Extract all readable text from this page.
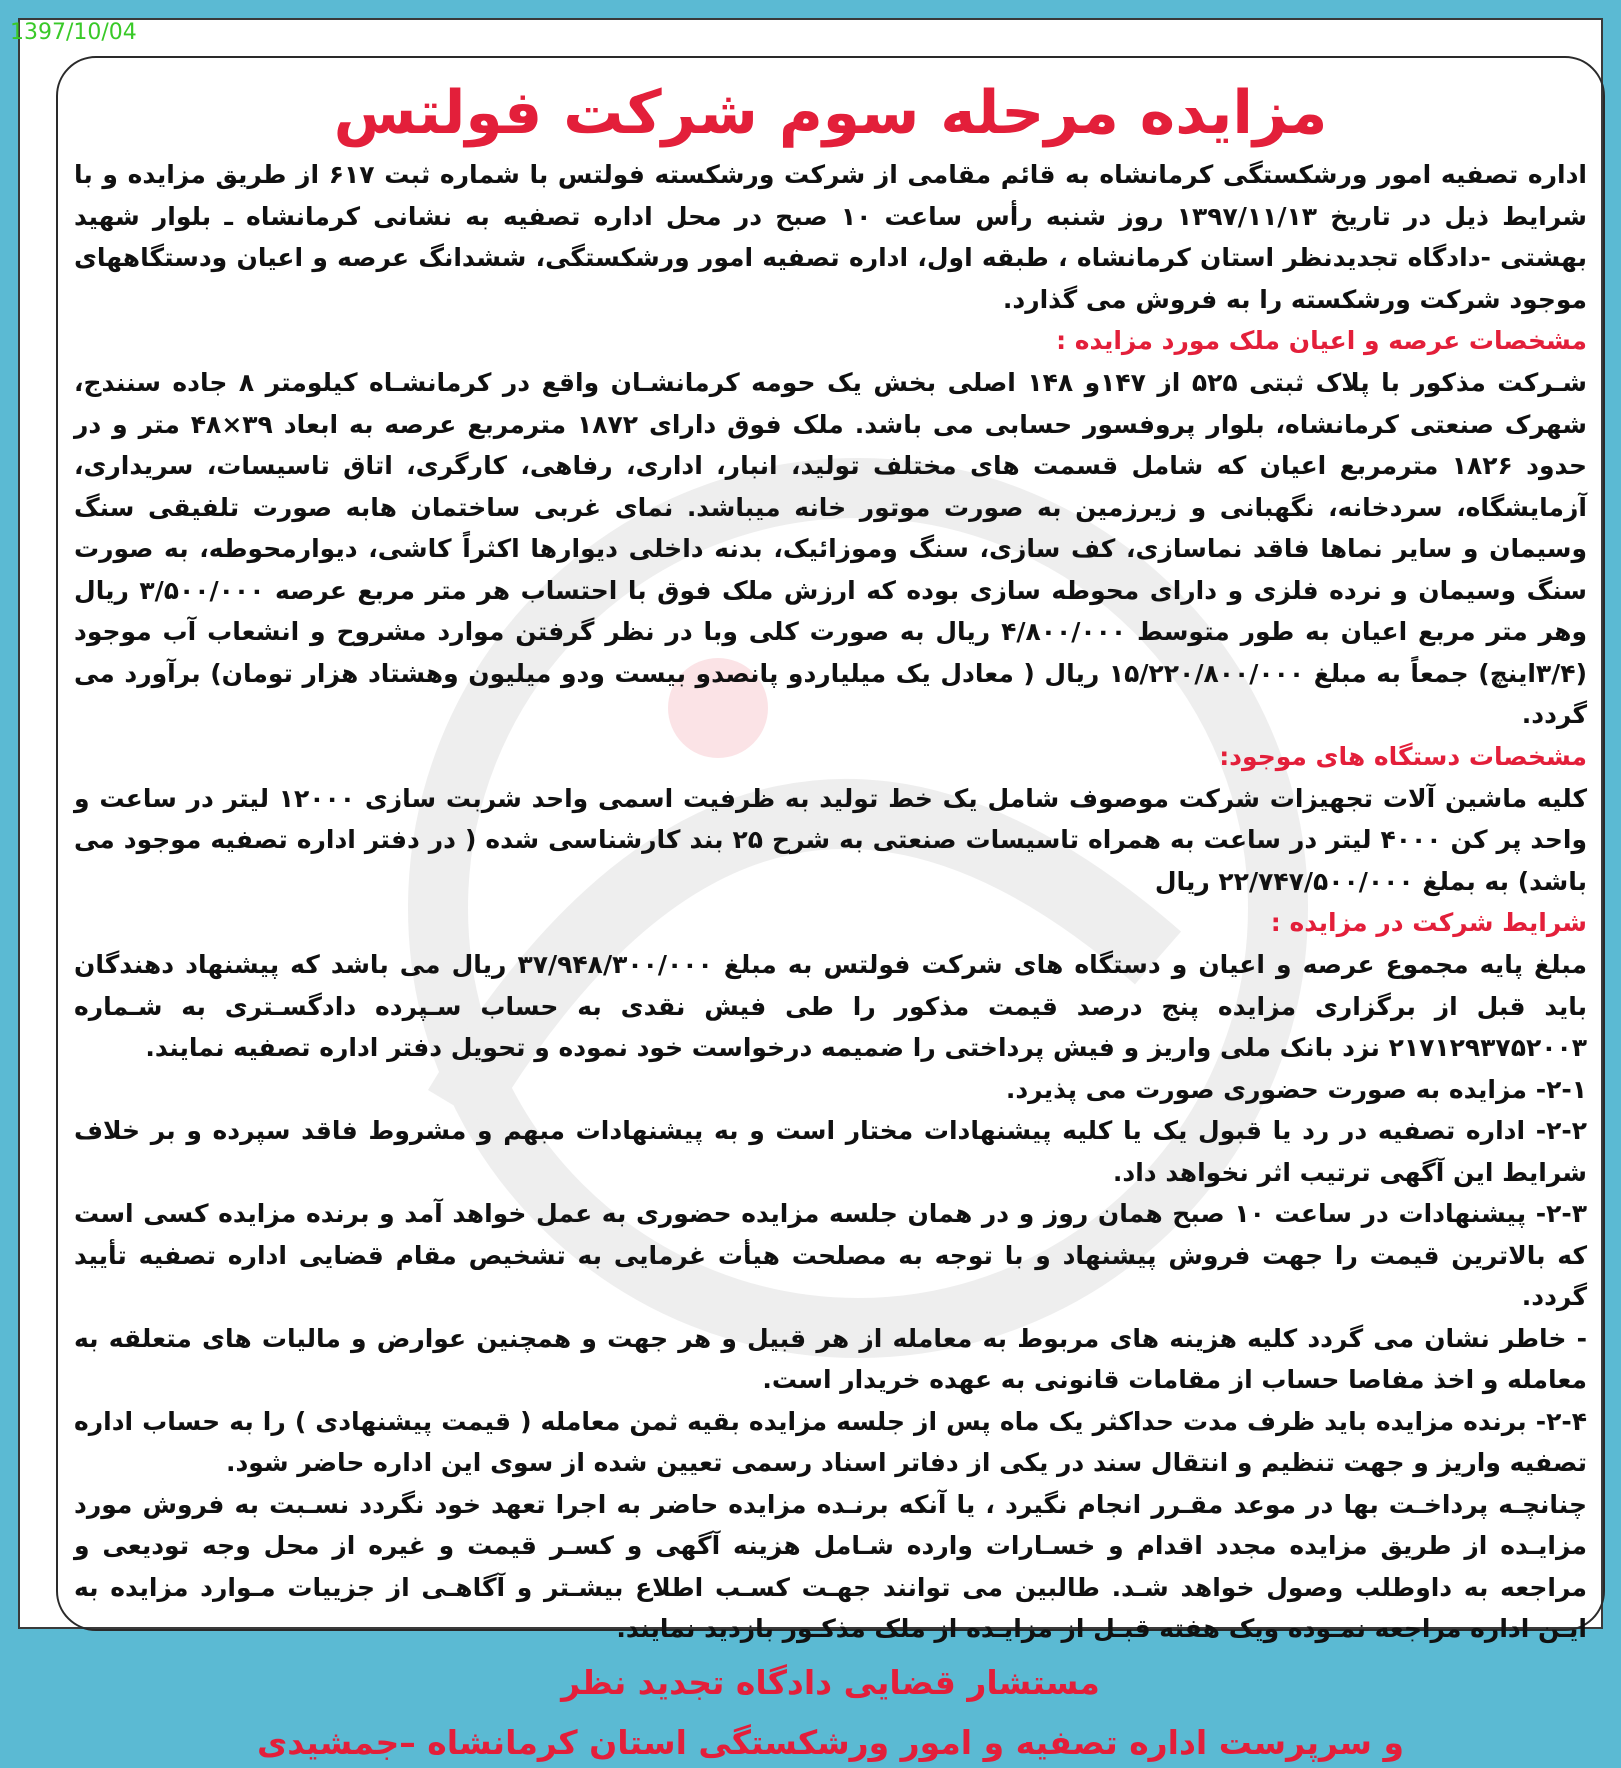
1397/10/04
مزایده مرحله سوم شرکت فولتس

اداره تصفیه امور ورشکستگی کرمانشاه به قائم مقامی از شرکت ورشکسته فولتس با شماره ثبت ۶۱۷ از طریق مزایده و با شرایط ذیل در تاریخ ۱۳۹۷/۱۱/۱۳ روز شنبه رأس ساعت ۱۰ صبح در محل اداره تصفیه به نشانی کرمانشاه ـ بلوار شهید بهشتی -دادگاه تجدیدنظر استان کرمانشاه ، طبقه اول، اداره تصفیه امور ورشکستگی، ششدانگ عرصه و اعیان ودستگاههای موجود شرکت ورشکسته را به فروش می گذارد.

مشخصات عرصه و اعیان ملک مورد مزایده :

شـرکت مذکور با پلاک ثبتی ۵۲۵ از ۱۴۷و ۱۴۸ اصلی بخش یک حومه کرمانشـان واقع در کرمانشـاه کیلومتر ۸ جاده سنندج، شهرک صنعتی کرمانشاه، بلوار پروفسور حسابی می باشد. ملک فوق دارای ۱۸۷۲ مترمربع عرصه به ابعاد ۳۹×۴۸ متر و در حدود ۱۸۲۶ مترمربع اعیان که شامل قسمت های مختلف تولید، انبار، اداری، رفاهی، کارگری، اتاق تاسیسات، سریداری، آزمایشگاه، سردخانه، نگهبانی و زیرزمین به صورت موتور خانه میباشد. نمای غربی ساختمان هابه صورت تلفیقی سنگ وسیمان و سایر نماها فاقد نماسازی، کف سازی، سنگ وموزائیک، بدنه داخلی دیوارها اکثراً کاشی، دیوارمحوطه، به صورت سنگ وسیمان و نرده فلزی و دارای محوطه سازی بوده که ارزش ملک فوق با احتساب هر متر مربع عرصه ۳/۵۰۰/۰۰۰ ریال وهر متر مربع اعیان به طور متوسط ۴/۸۰۰/۰۰۰ ریال به صورت کلی وبا در نظر گرفتن موارد مشروح و انشعاب آب موجود (۳/۴اینچ) جمعاً به مبلغ ۱۵/۲۲۰/۸۰۰/۰۰۰ ریال ( معادل یک میلیاردو پانصدو بیست ودو میلیون وهشتاد هزار تومان) برآورد می گردد.

مشخصات دستگاه های موجود:

کلیه ماشین آلات تجهیزات شرکت موصوف شامل یک خط تولید به ظرفیت اسمی واحد شربت سازی ۱۲۰۰۰ لیتر در ساعت و واحد پر کن ۴۰۰۰ لیتر در ساعت به همراه تاسیسات صنعتی به شرح ۲۵ بند کارشناسی شده ( در دفتر اداره تصفیه موجود می باشد) به بملغ ۲۲/۷۴۷/۵۰۰/۰۰۰ ریال

شرایط شرکت در مزایده :

مبلغ پایه مجموع عرصه و اعیان و دستگاه های شرکت فولتس به مبلغ ۳۷/۹۴۸/۳۰۰/۰۰۰ ریال می باشد که پیشنهاد دهندگان باید قبل از برگزاری مزایده پنج درصد قیمت مذکور را طی فیش نقدی به حساب سـپرده دادگسـتری به شـماره ۲۱۷۱۲۹۳۷۵۲۰۰۳ نزد بانک ملی واریز و فیش پرداختی را ضمیمه درخواست خود نموده و تحویل دفتر اداره تصفیه نمایند.

۲-۱- مزایده به صورت حضوری صورت می پذیرد.

۲-۲- اداره تصفیه در رد یا قبول یک یا کلیه پیشنهادات مختار است و به پیشنهادات مبهم و مشروط فاقد سپرده و بر خلاف شرایط این آگهی ترتیب اثر نخواهد داد.

۲-۳- پیشنهادات در ساعت ۱۰ صبح همان روز و در همان جلسه مزایده حضوری به عمل خواهد آمد و برنده مزایده کسی است که بالاترین قیمت را جهت فروش پیشنهاد و با توجه به مصلحت هیأت غرمایی به تشخیص مقام قضایی اداره تصفیه تأیید گردد.

- خاطر نشان می گردد کلیه هزینه های مربوط به معامله از هر قبیل و هر جهت و همچنین عوارض و مالیات های متعلقه به معامله و اخذ مفاصا حساب از مقامات قانونی به عهده خریدار است.

۲-۴- برنده مزایده باید ظرف مدت حداکثر یک ماه پس از جلسه مزایده بقیه ثمن معامله ( قیمت پیشنهادی ) را به حساب اداره تصفیه واریز و جهت تنظیم و انتقال سند در یکی از دفاتر اسناد رسمی تعیین شده از سوی این اداره حاضر شود.

چنانچـه پرداخـت بها در موعد مقـرر انجام نگیرد ، یا آنکه برنـده مزایده حاضر به اجرا تعهد خود نگردد نسـبت به فروش مورد مزایـده از طریق مزایده مجدد اقدام و خسـارات وارده شـامل هزینه آگهی و کسـر قیمت و غیره از محل وجه تودیعی و مراجعه به داوطلب وصول خواهد شـد. طالبین می توانند جهـت کسـب اطلاع بیشـتر و آگاهـی از جزییات مـوارد مزایده به ایـن اداره مراجعه نمـوده ویک هفته قبـل از مزایـده از ملک مذکـور بازدید نمایند.

مستشار قضایی دادگاه تجدید نظر
و سرپرست اداره تصفیه و امور ورشکستگی استان کرمانشاه –جمشیدی
